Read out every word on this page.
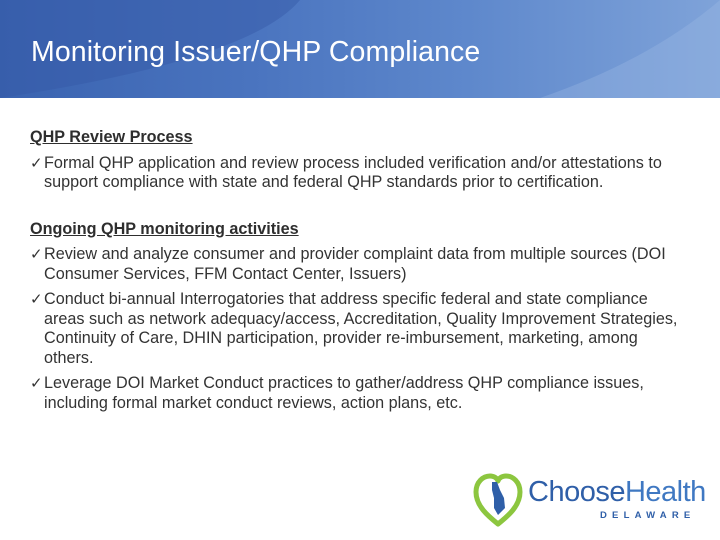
Monitoring Issuer/QHP Compliance
QHP Review Process
✓ Formal QHP application and review process included verification and/or attestations to support compliance with state and federal QHP standards prior to certification.
Ongoing QHP monitoring activities
✓ Review and analyze consumer and provider complaint data from multiple sources (DOI Consumer Services, FFM Contact Center, Issuers)
✓ Conduct bi-annual Interrogatories that address specific federal and state compliance areas such as network adequacy/access, Accreditation, Quality Improvement Strategies, Continuity of Care, DHIN participation, provider re-imbursement, marketing, among others.
✓ Leverage DOI Market Conduct practices to gather/address QHP compliance issues, including formal market conduct reviews, action plans, etc.
ChooseHealth
DELAWARE
